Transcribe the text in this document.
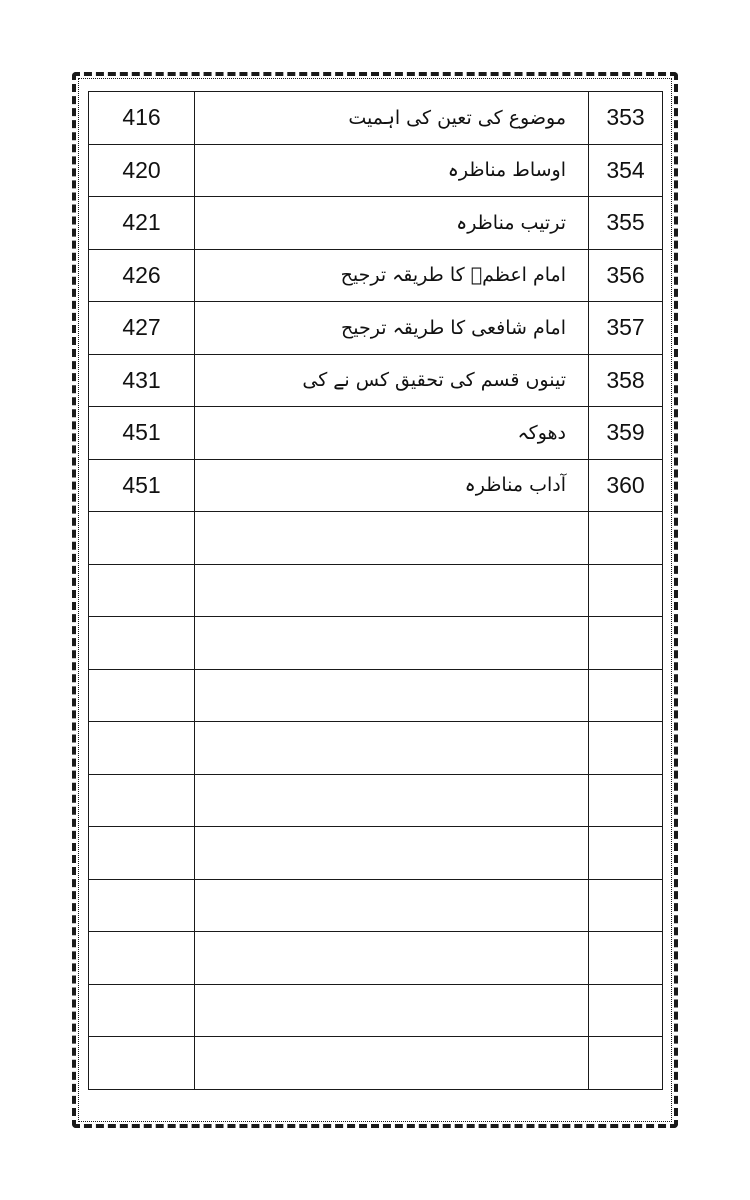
416	موضوع کی تعین کی اہمیت	353
420	اوساط مناظرہ	354
421	ترتیب مناظرہ	355
426	امام اعظمؒ کا طریقہ ترجیح	356
427	امام شافعی کا طریقہ ترجیح	357
431	تینوں قسم کی تحقیق کس نے کی	358
451	دھوکہ	359
451	آداب مناظرہ	360
